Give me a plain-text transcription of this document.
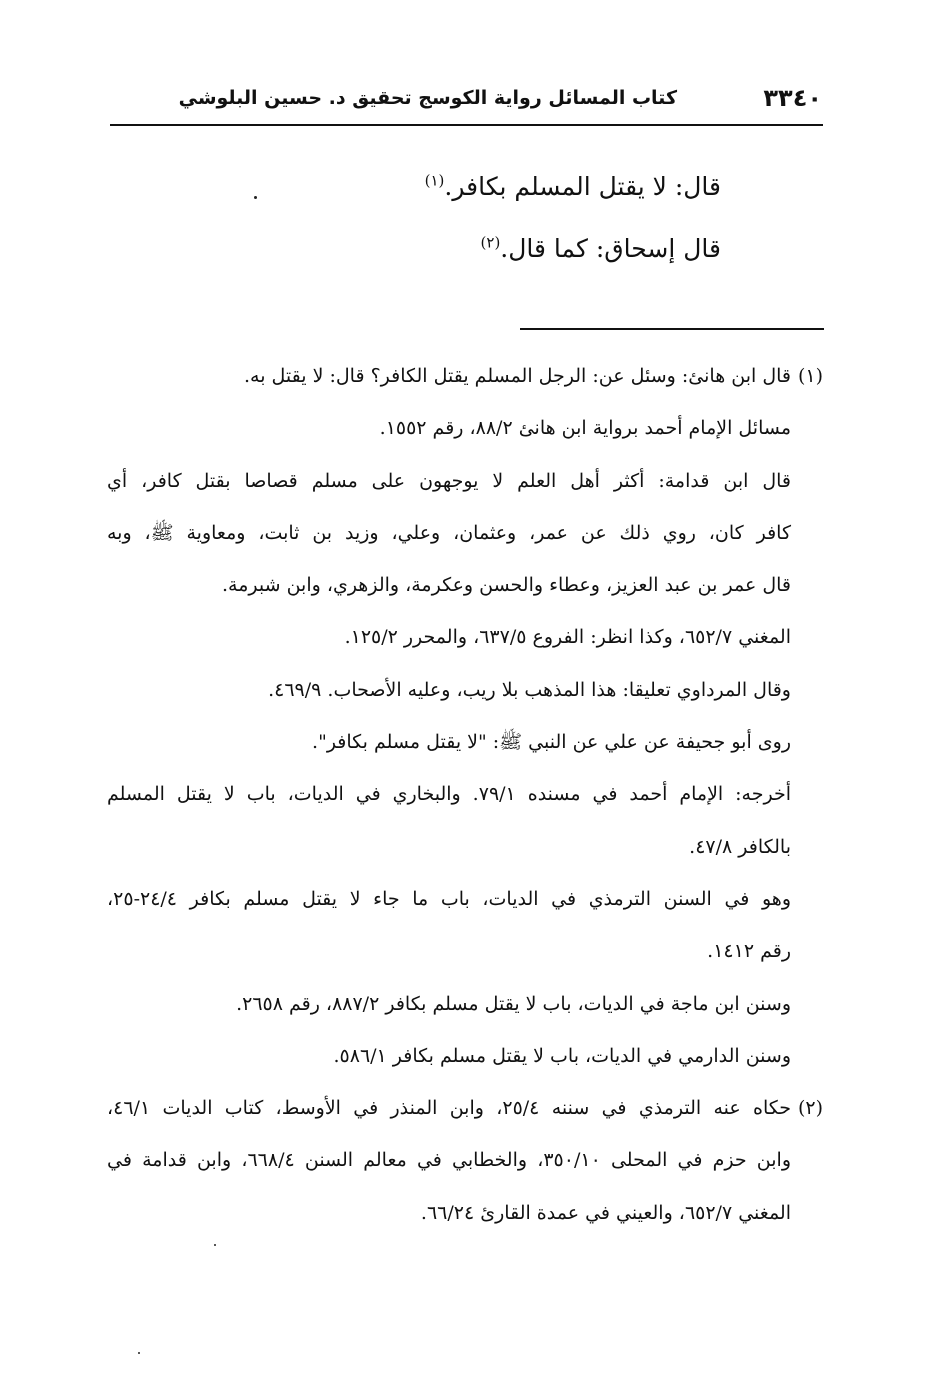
٣٣٤٠
كتاب المسائل رواية الكوسج تحقيق د. حسين البلوشي
قال: لا يقتل المسلم بكافر.$^{(١)}$
قال إسحاق: كما قال.$^{(٢)}$
(١)قال ابن هانئ: وسئل عن: الرجل المسلم يقتل الكافر؟ قال: لا يقتل به.
مسائل الإمام أحمد برواية ابن هانئ ٨٨/٢، رقم ١٥٥٢.
قال ابن قدامة: أكثر أهل العلم لا يوجهون على مسلم قصاصا بقتل كافر، أي
كافر كان، روي ذلك عن عمر، وعثمان، وعلي، وزيد بن ثابت، ومعاوية ﷺ، وبه
قال عمر بن عبد العزيز، وعطاء والحسن وعكرمة، والزهري، وابن شبرمة.
المغني ٦٥٢/٧، وكذا انظر: الفروع ٦٣٧/٥، والمحرر ١٢٥/٢.
وقال المرداوي تعليقا: هذا المذهب بلا ريب، وعليه الأصحاب. ٤٦٩/٩.
روى أبو جحيفة عن علي عن النبي ﷺ: "لا يقتل مسلم بكافر".
أخرجه: الإمام أحمد في مسنده ٧٩/١. والبخاري في الديات، باب لا يقتل المسلم
بالكافر ٤٧/٨.
وهو في السنن الترمذي في الديات، باب ما جاء لا يقتل مسلم بكافر ٢٤/٤-٢٥،
رقم ١٤١٢.
وسنن ابن ماجة في الديات، باب لا يقتل مسلم بكافر ٨٨٧/٢، رقم ٢٦٥٨.
وسنن الدارمي في الديات، باب لا يقتل مسلم بكافر ٥٨٦/١.
(٢)حكاه عنه الترمذي في سننه ٢٥/٤، وابن المنذر في الأوسط، كتاب الديات ٤٦/١،
وابن حزم في المحلى ٣٥٠/١٠، والخطابي في معالم السنن ٦٦٨/٤، وابن قدامة في
المغني ٦٥٢/٧، والعيني في عمدة القارئ ٦٦/٢٤.
